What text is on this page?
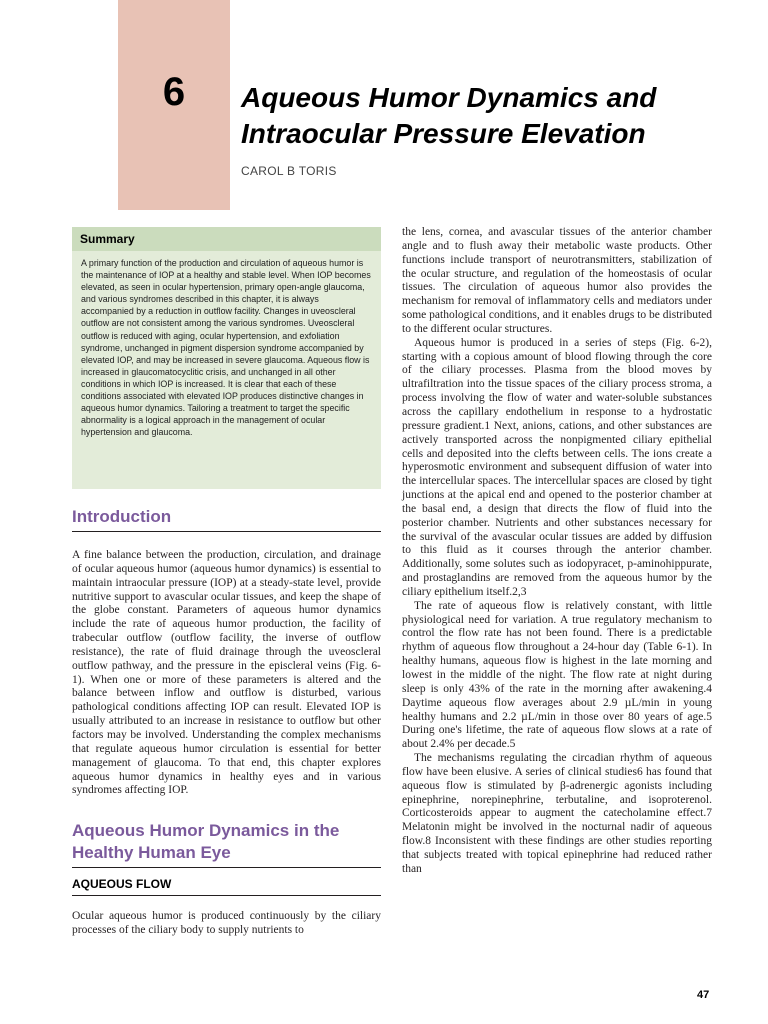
6	Aqueous Humor Dynamics and
Intraocular Pressure Elevation
CAROL B TORIS
Summary
A primary function of the production and circulation of aqueous humor is the maintenance of IOP at a healthy and stable level. When IOP becomes elevated, as seen in ocular hypertension, primary open-angle glaucoma, and various syndromes described in this chapter, it is always accompanied by a reduction in outflow facility. Changes in uveoscleral outflow are not consistent among the various syndromes. Uveoscleral outflow is reduced with aging, ocular hypertension, and exfoliation syndrome, unchanged in pigment dispersion syndrome accompanied by elevated IOP, and may be increased in severe glaucoma. Aqueous flow is increased in glaucomatocyclitic crisis, and unchanged in all other conditions in which IOP is increased. It is clear that each of these conditions associated with elevated IOP produces distinctive changes in aqueous humor dynamics. Tailoring a treatment to target the specific abnormality is a logical approach in the management of ocular hypertension and glaucoma.
Introduction

A fine balance between the production, circulation, and drainage of ocular aqueous humor (aqueous humor dynamics) is essential to maintain intraocular pressure (IOP) at a steady-state level, provide nutritive support to avascular ocular tissues, and keep the shape of the globe constant. Parameters of aqueous humor dynamics include the rate of aqueous humor production, the facility of trabecular outflow (outflow facility, the inverse of outflow resistance), the rate of fluid drainage through the uveoscleral outflow pathway, and the pressure in the episcleral veins (Fig. 6-1). When one or more of these parameters is altered and the balance between inflow and outflow is disturbed, various pathological conditions affecting IOP can result. Elevated IOP is usually attributed to an increase in resistance to outflow but other factors may be involved. Understanding the complex mechanisms that regulate aqueous humor circulation is essential for better management of glaucoma. To that end, this chapter explores aqueous humor dynamics in healthy eyes and in various syndromes affecting IOP.

Aqueous Humor Dynamics in the Healthy Human Eye
AQUEOUS FLOW

Ocular aqueous humor is produced continuously by the ciliary processes of the ciliary body to supply nutrients to

the lens, cornea, and avascular tissues of the anterior chamber angle and to flush away their metabolic waste products. Other functions include transport of neurotransmitters, stabilization of the ocular structure, and regulation of the homeostasis of ocular tissues. The circulation of aqueous humor also provides the mechanism for removal of inflammatory cells and mediators under some pathological conditions, and it enables drugs to be distributed to the different ocular structures.

Aqueous humor is produced in a series of steps (Fig. 6-2), starting with a copious amount of blood flowing through the core of the ciliary processes. Plasma from the blood moves by ultrafiltration into the tissue spaces of the ciliary process stroma, a process involving the flow of water and water-soluble substances across the capillary endothelium in response to a hydrostatic pressure gradient.1 Next, anions, cations, and other substances are actively transported across the nonpigmented ciliary epithelial cells and deposited into the clefts between cells. The ions create a hyperosmotic environment and subsequent diffusion of water into the intercellular spaces. The intercellular spaces are closed by tight junctions at the apical end and opened to the posterior chamber at the basal end, a design that directs the flow of fluid into the posterior chamber. Nutrients and other substances necessary for the survival of the avascular ocular tissues are added by diffusion to this fluid as it courses through the anterior chamber. Additionally, some solutes such as iodopyracet, p-aminohippurate, and prostaglandins are removed from the aqueous humor by the ciliary epithelium itself.2,3

The rate of aqueous flow is relatively constant, with little physiological need for variation. A true regulatory mechanism to control the flow rate has not been found. There is a predictable rhythm of aqueous flow throughout a 24-hour day (Table 6-1). In healthy humans, aqueous flow is highest in the late morning and lowest in the middle of the night. The flow rate at night during sleep is only 43% of the rate in the morning after awakening.4 Daytime aqueous flow averages about 2.9 µL/min in young healthy humans and 2.2 µL/min in those over 80 years of age.5 During one's lifetime, the rate of aqueous flow slows at a rate of about 2.4% per decade.5

The mechanisms regulating the circadian rhythm of aqueous flow have been elusive. A series of clinical studies6 has found that aqueous flow is stimulated by β-adrenergic agonists including epinephrine, norepinephrine, terbutaline, and isoproterenol. Corticosteroids appear to augment the catecholamine effect.7 Melatonin might be involved in the nocturnal nadir of aqueous flow.8 Inconsistent with these findings are other studies reporting that subjects treated with topical epinephrine had reduced rather than

47
